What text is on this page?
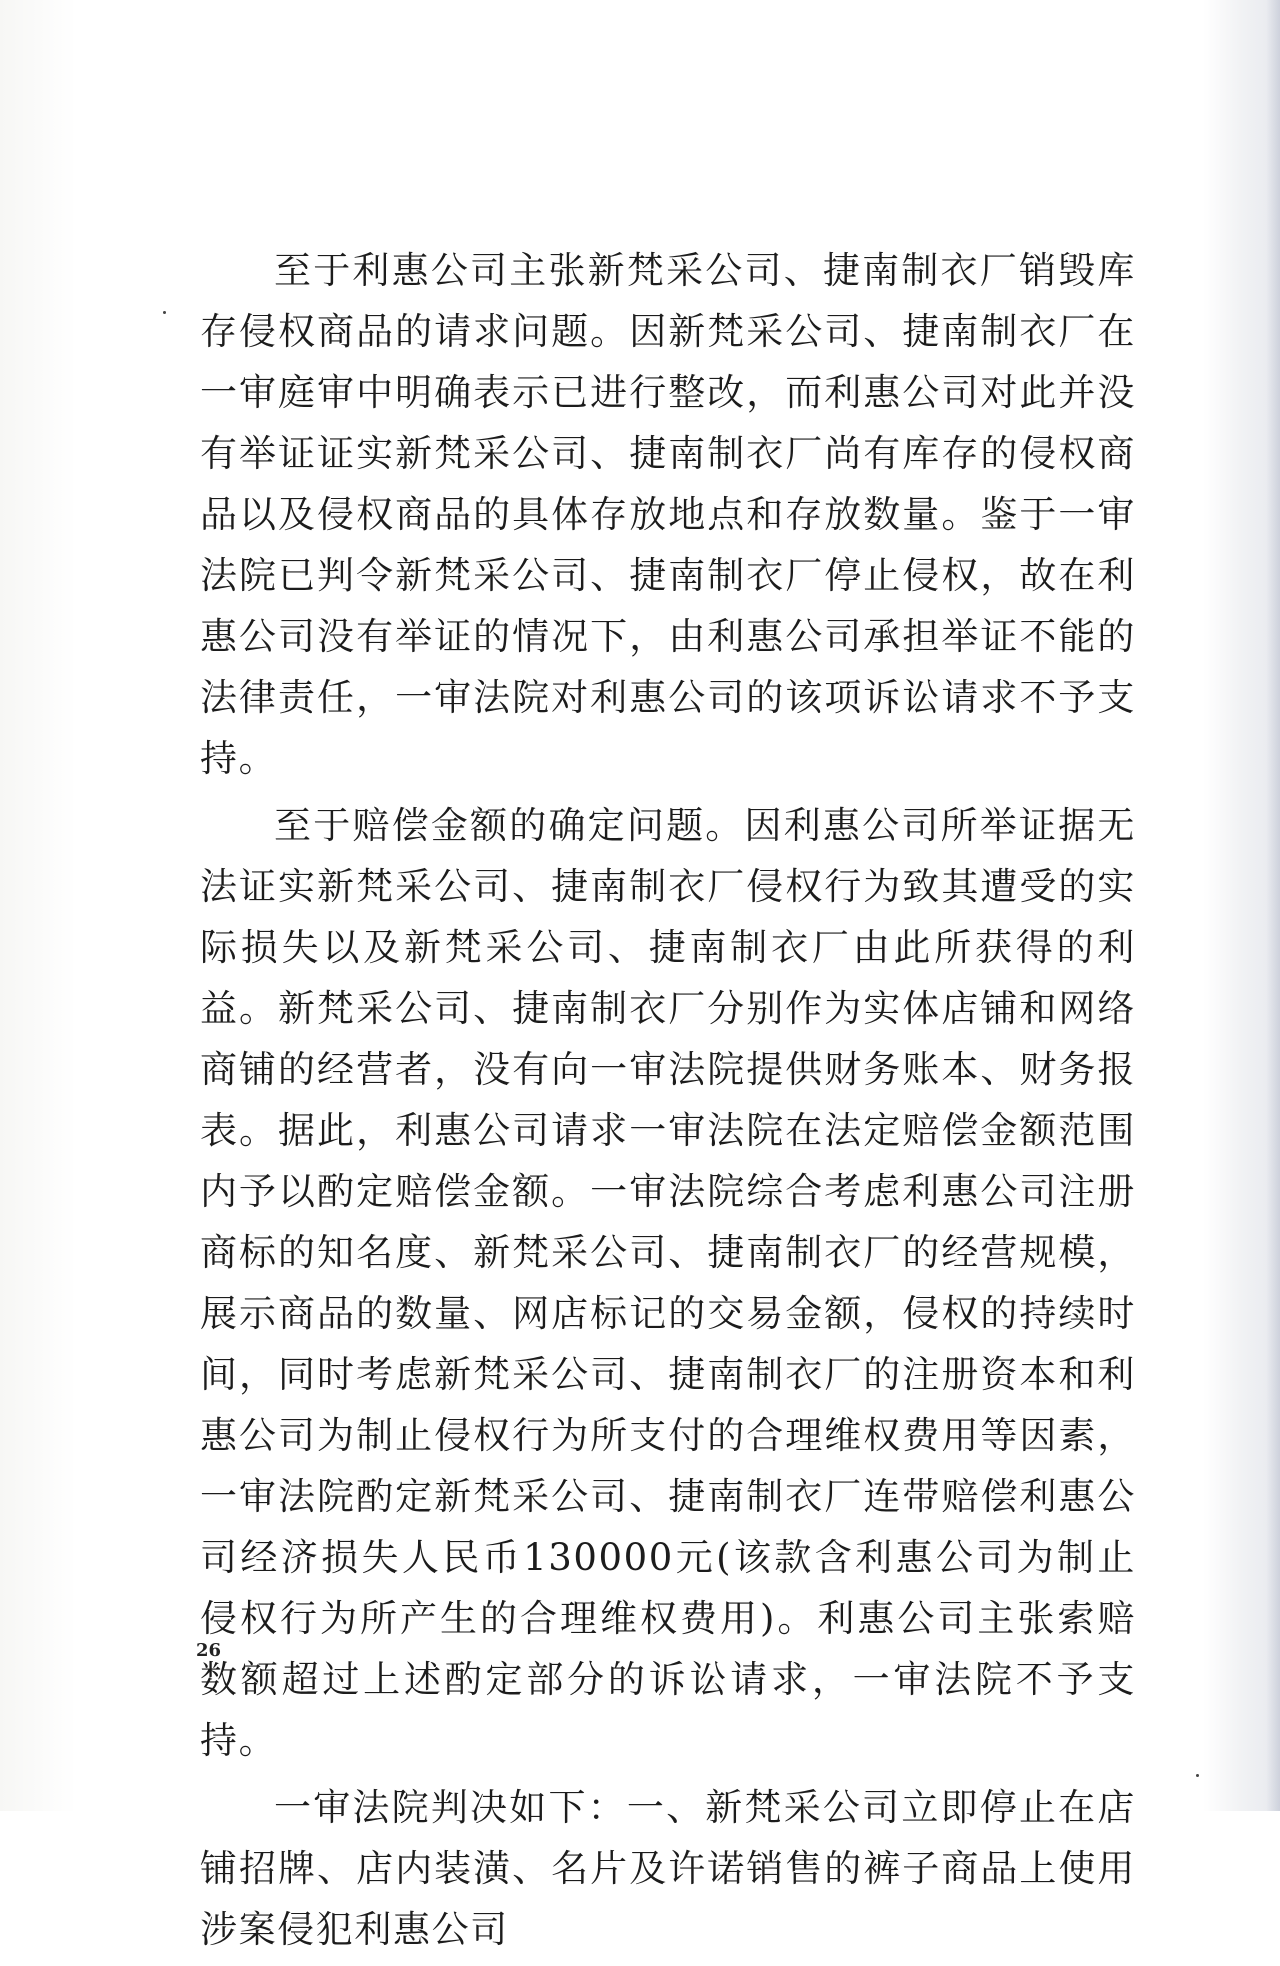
至于利惠公司主张新梵采公司、捷南制衣厂销毁库存侵权商品的请求问题。因新梵采公司、捷南制衣厂在一审庭审中明确表示已进行整改，而利惠公司对此并没有举证证实新梵采公司、捷南制衣厂尚有库存的侵权商品以及侵权商品的具体存放地点和存放数量。鉴于一审法院已判令新梵采公司、捷南制衣厂停止侵权，故在利惠公司没有举证的情况下，由利惠公司承担举证不能的法律责任，一审法院对利惠公司的该项诉讼请求不予支持。

至于赔偿金额的确定问题。因利惠公司所举证据无法证实新梵采公司、捷南制衣厂侵权行为致其遭受的实际损失以及新梵采公司、捷南制衣厂由此所获得的利益。新梵采公司、捷南制衣厂分别作为实体店铺和网络商铺的经营者，没有向一审法院提供财务账本、财务报表。据此，利惠公司请求一审法院在法定赔偿金额范围内予以酌定赔偿金额。一审法院综合考虑利惠公司注册商标的知名度、新梵采公司、捷南制衣厂的经营规模，展示商品的数量、网店标记的交易金额，侵权的持续时间，同时考虑新梵采公司、捷南制衣厂的注册资本和利惠公司为制止侵权行为所支付的合理维权费用等因素，一审法院酌定新梵采公司、捷南制衣厂连带赔偿利惠公司经济损失人民币130000元(该款含利惠公司为制止侵权行为所产生的合理维权费用)。利惠公司主张索赔数额超过上述酌定部分的诉讼请求，一审法院不予支持。

一审法院判决如下：一、新梵采公司立即停止在店铺招牌、店内装潢、名片及许诺销售的裤子商品上使用涉案侵犯利惠公司

26
